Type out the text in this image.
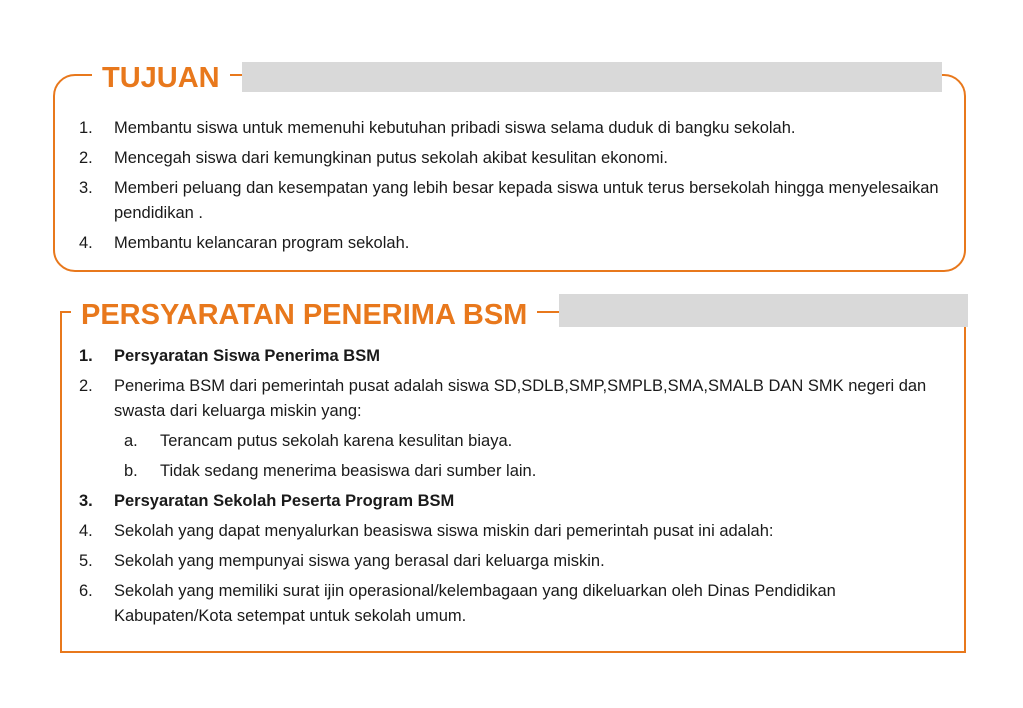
TUJUAN
1. Membantu siswa untuk memenuhi kebutuhan pribadi siswa selama duduk di bangku sekolah.
2. Mencegah siswa dari kemungkinan putus sekolah akibat kesulitan ekonomi.
3. Memberi peluang dan kesempatan yang lebih besar kepada siswa untuk terus bersekolah hingga menyelesaikan pendidikan .
4. Membantu kelancaran program sekolah.
PERSYARATAN PENERIMA BSM
1. Persyaratan Siswa Penerima BSM
2. Penerima BSM dari pemerintah pusat adalah siswa SD,SDLB,SMP,SMPLB,SMA,SMALB DAN SMK negeri dan swasta dari keluarga miskin yang:
a. Terancam putus sekolah karena kesulitan biaya.
b. Tidak sedang menerima beasiswa dari sumber lain.
3. Persyaratan Sekolah Peserta Program BSM
4. Sekolah yang dapat menyalurkan beasiswa siswa miskin dari pemerintah pusat ini adalah:
5. Sekolah yang mempunyai siswa yang berasal dari keluarga miskin.
6. Sekolah yang memiliki surat ijin operasional/kelembagaan yang dikeluarkan oleh Dinas Pendidikan Kabupaten/Kota setempat untuk sekolah umum.
